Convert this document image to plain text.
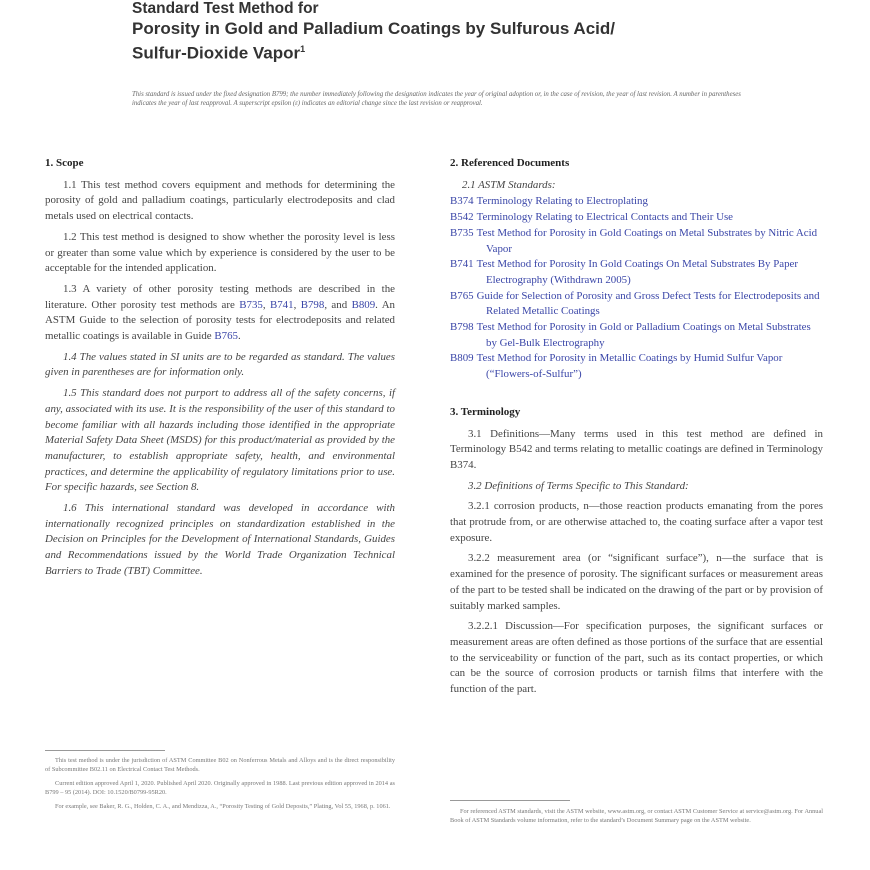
Standard Test Method for
Porosity in Gold and Palladium Coatings by Sulfurous Acid/
Sulfur-Dioxide Vapor$^1$
This standard is issued under the fixed designation B799; the number immediately following the designation indicates the year of original adoption or, in the case of revision, the year of last revision. A number in parentheses indicates the year of last reapproval. A superscript epsilon (ε) indicates an editorial change since the last revision or reapproval.
1. Scope

1.1 This test method covers equipment and methods for determining the porosity of gold and palladium coatings, particularly electrodeposits and clad metals used on electrical contacts.

1.2 This test method is designed to show whether the porosity level is less or greater than some value which by experience is considered by the user to be acceptable for the intended application.

1.3 A variety of other porosity testing methods are described in the literature. Other porosity test methods are B735, B741, B798, and B809. An ASTM Guide to the selection of porosity tests for electrodeposits and related metallic coatings is available in Guide B765.

1.4 The values stated in SI units are to be regarded as standard. The values given in parentheses are for information only.

1.5 This standard does not purport to address all of the safety concerns, if any, associated with its use. It is the responsibility of the user of this standard to become familiar with all hazards including those identified in the appropriate Material Safety Data Sheet (MSDS) for this product/material as provided by the manufacturer, to establish appropriate safety, health, and environmental practices, and determine the applicability of regulatory limitations prior to use. For specific hazards, see Section 8.

1.6 This international standard was developed in accordance with internationally recognized principles on standardization established in the Decision on Principles for the Development of International Standards, Guides and Recommendations issued by the World Trade Organization Technical Barriers to Trade (TBT) Committee.

2. Referenced Documents

2.1 ASTM Standards:

B374 Terminology Relating to Electroplating
B542 Terminology Relating to Electrical Contacts and Their Use
B735 Test Method for Porosity in Gold Coatings on Metal Substrates by Nitric Acid Vapor
B741 Test Method for Porosity In Gold Coatings On Metal Substrates By Paper Electrography (Withdrawn 2005)
B765 Guide for Selection of Porosity and Gross Defect Tests for Electrodeposits and Related Metallic Coatings
B798 Test Method for Porosity in Gold or Palladium Coatings on Metal Substrates by Gel-Bulk Electrography
B809 Test Method for Porosity in Metallic Coatings by Humid Sulfur Vapor (“Flowers-of-Sulfur”)
3. Terminology

3.1 Definitions—Many terms used in this test method are defined in Terminology B542 and terms relating to metallic coatings are defined in Terminology B374.

3.2 Definitions of Terms Specific to This Standard:

3.2.1 corrosion products, n—those reaction products emanating from the pores that protrude from, or are otherwise attached to, the coating surface after a vapor test exposure.

3.2.2 measurement area (or “significant surface”), n—the surface that is examined for the presence of porosity. The significant surfaces or measurement areas of the part to be tested shall be indicated on the drawing of the part or by provision of suitably marked samples.

3.2.2.1 Discussion—For specification purposes, the significant surfaces or measurement areas are often defined as those portions of the surface that are essential to the serviceability or function of the part, such as its contact properties, or which can be the source of corrosion products or tarnish films that interfere with the function of the part.

This test method is under the jurisdiction of ASTM Committee B02 on Nonferrous Metals and Alloys and is the direct responsibility of Subcommittee B02.11 on Electrical Contact Test Methods.

Current edition approved April 1, 2020. Published April 2020. Originally approved in 1988. Last previous edition approved in 2014 as B799 – 95 (2014). DOI: 10.1520/B0799-95R20.

For example, see Baker, R. G., Holden, C. A., and Mendizza, A., “Porosity Testing of Gold Deposits,” Plating, Vol 55, 1968, p. 1061.

For referenced ASTM standards, visit the ASTM website, www.astm.org, or contact ASTM Customer Service at service@astm.org. For Annual Book of ASTM Standards volume information, refer to the standard’s Document Summary page on the ASTM website.
